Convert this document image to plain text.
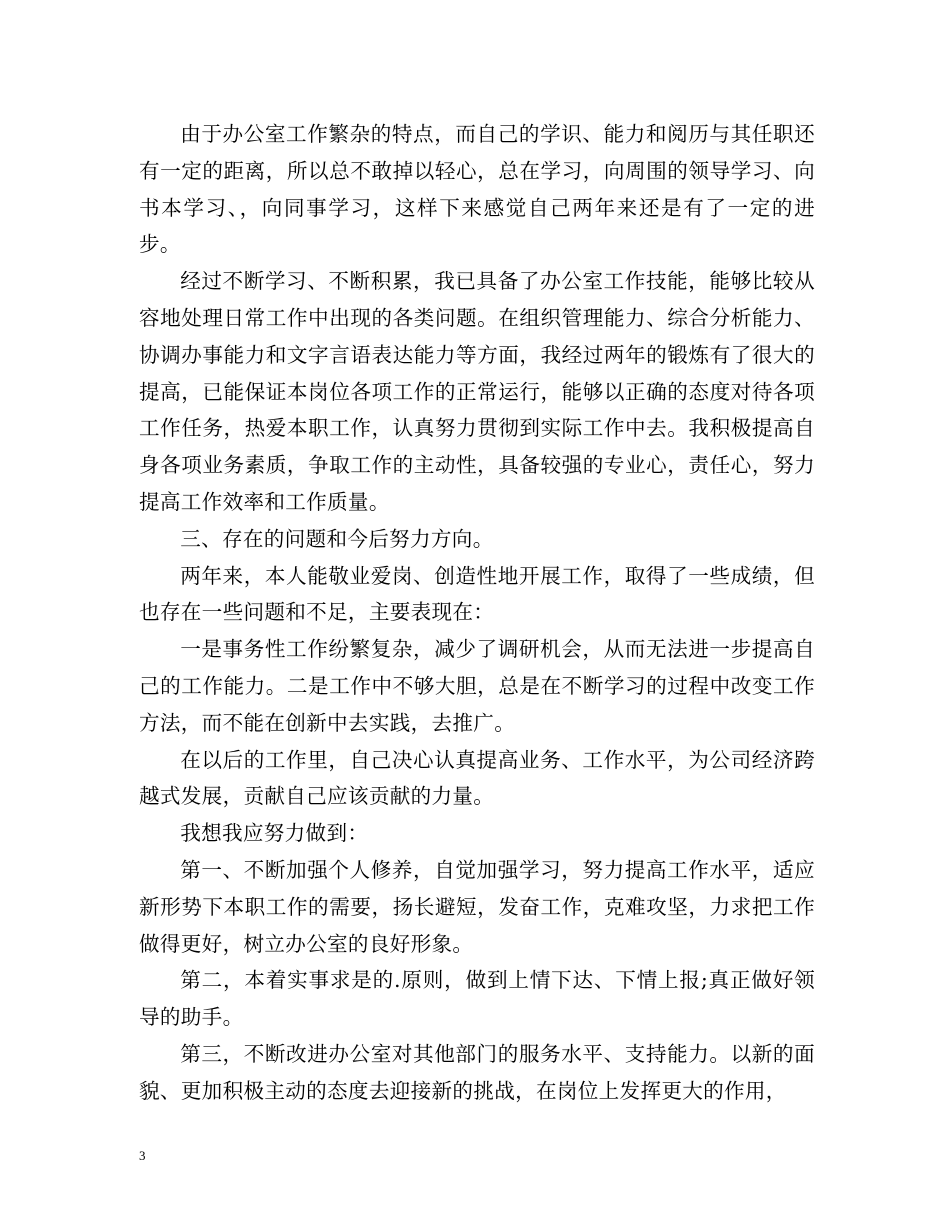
由于办公室工作繁杂的特点，而自己的学识、能力和阅历与其任职还有一定的距离，所以总不敢掉以轻心，总在学习，向周围的领导学习、向书本学习、，向同事学习，这样下来感觉自己两年来还是有了一定的进步。

经过不断学习、不断积累，我已具备了办公室工作技能，能够比较从容地处理日常工作中出现的各类问题。在组织管理能力、综合分析能力、协调办事能力和文字言语表达能力等方面，我经过两年的锻炼有了很大的提高，已能保证本岗位各项工作的正常运行，能够以正确的态度对待各项工作任务，热爱本职工作，认真努力贯彻到实际工作中去。我积极提高自身各项业务素质，争取工作的主动性，具备较强的专业心，责任心，努力提高工作效率和工作质量。

三、存在的问题和今后努力方向。

两年来，本人能敬业爱岗、创造性地开展工作，取得了一些成绩，但也存在一些问题和不足，主要表现在：

一是事务性工作纷繁复杂，减少了调研机会，从而无法进一步提高自己的工作能力。二是工作中不够大胆，总是在不断学习的过程中改变工作方法，而不能在创新中去实践，去推广。

在以后的工作里，自己决心认真提高业务、工作水平，为公司经济跨越式发展，贡献自己应该贡献的力量。

我想我应努力做到：

第一、不断加强个人修养，自觉加强学习，努力提高工作水平，适应新形势下本职工作的需要，扬长避短，发奋工作，克难攻坚，力求把工作做得更好，树立办公室的良好形象。

第二，本着实事求是的.原则，做到上情下达、下情上报;真正做好领导的助手。

第三，不断改进办公室对其他部门的服务水平、支持能力。以新的面貌、更加积极主动的态度去迎接新的挑战，在岗位上发挥更大的作用，

3
